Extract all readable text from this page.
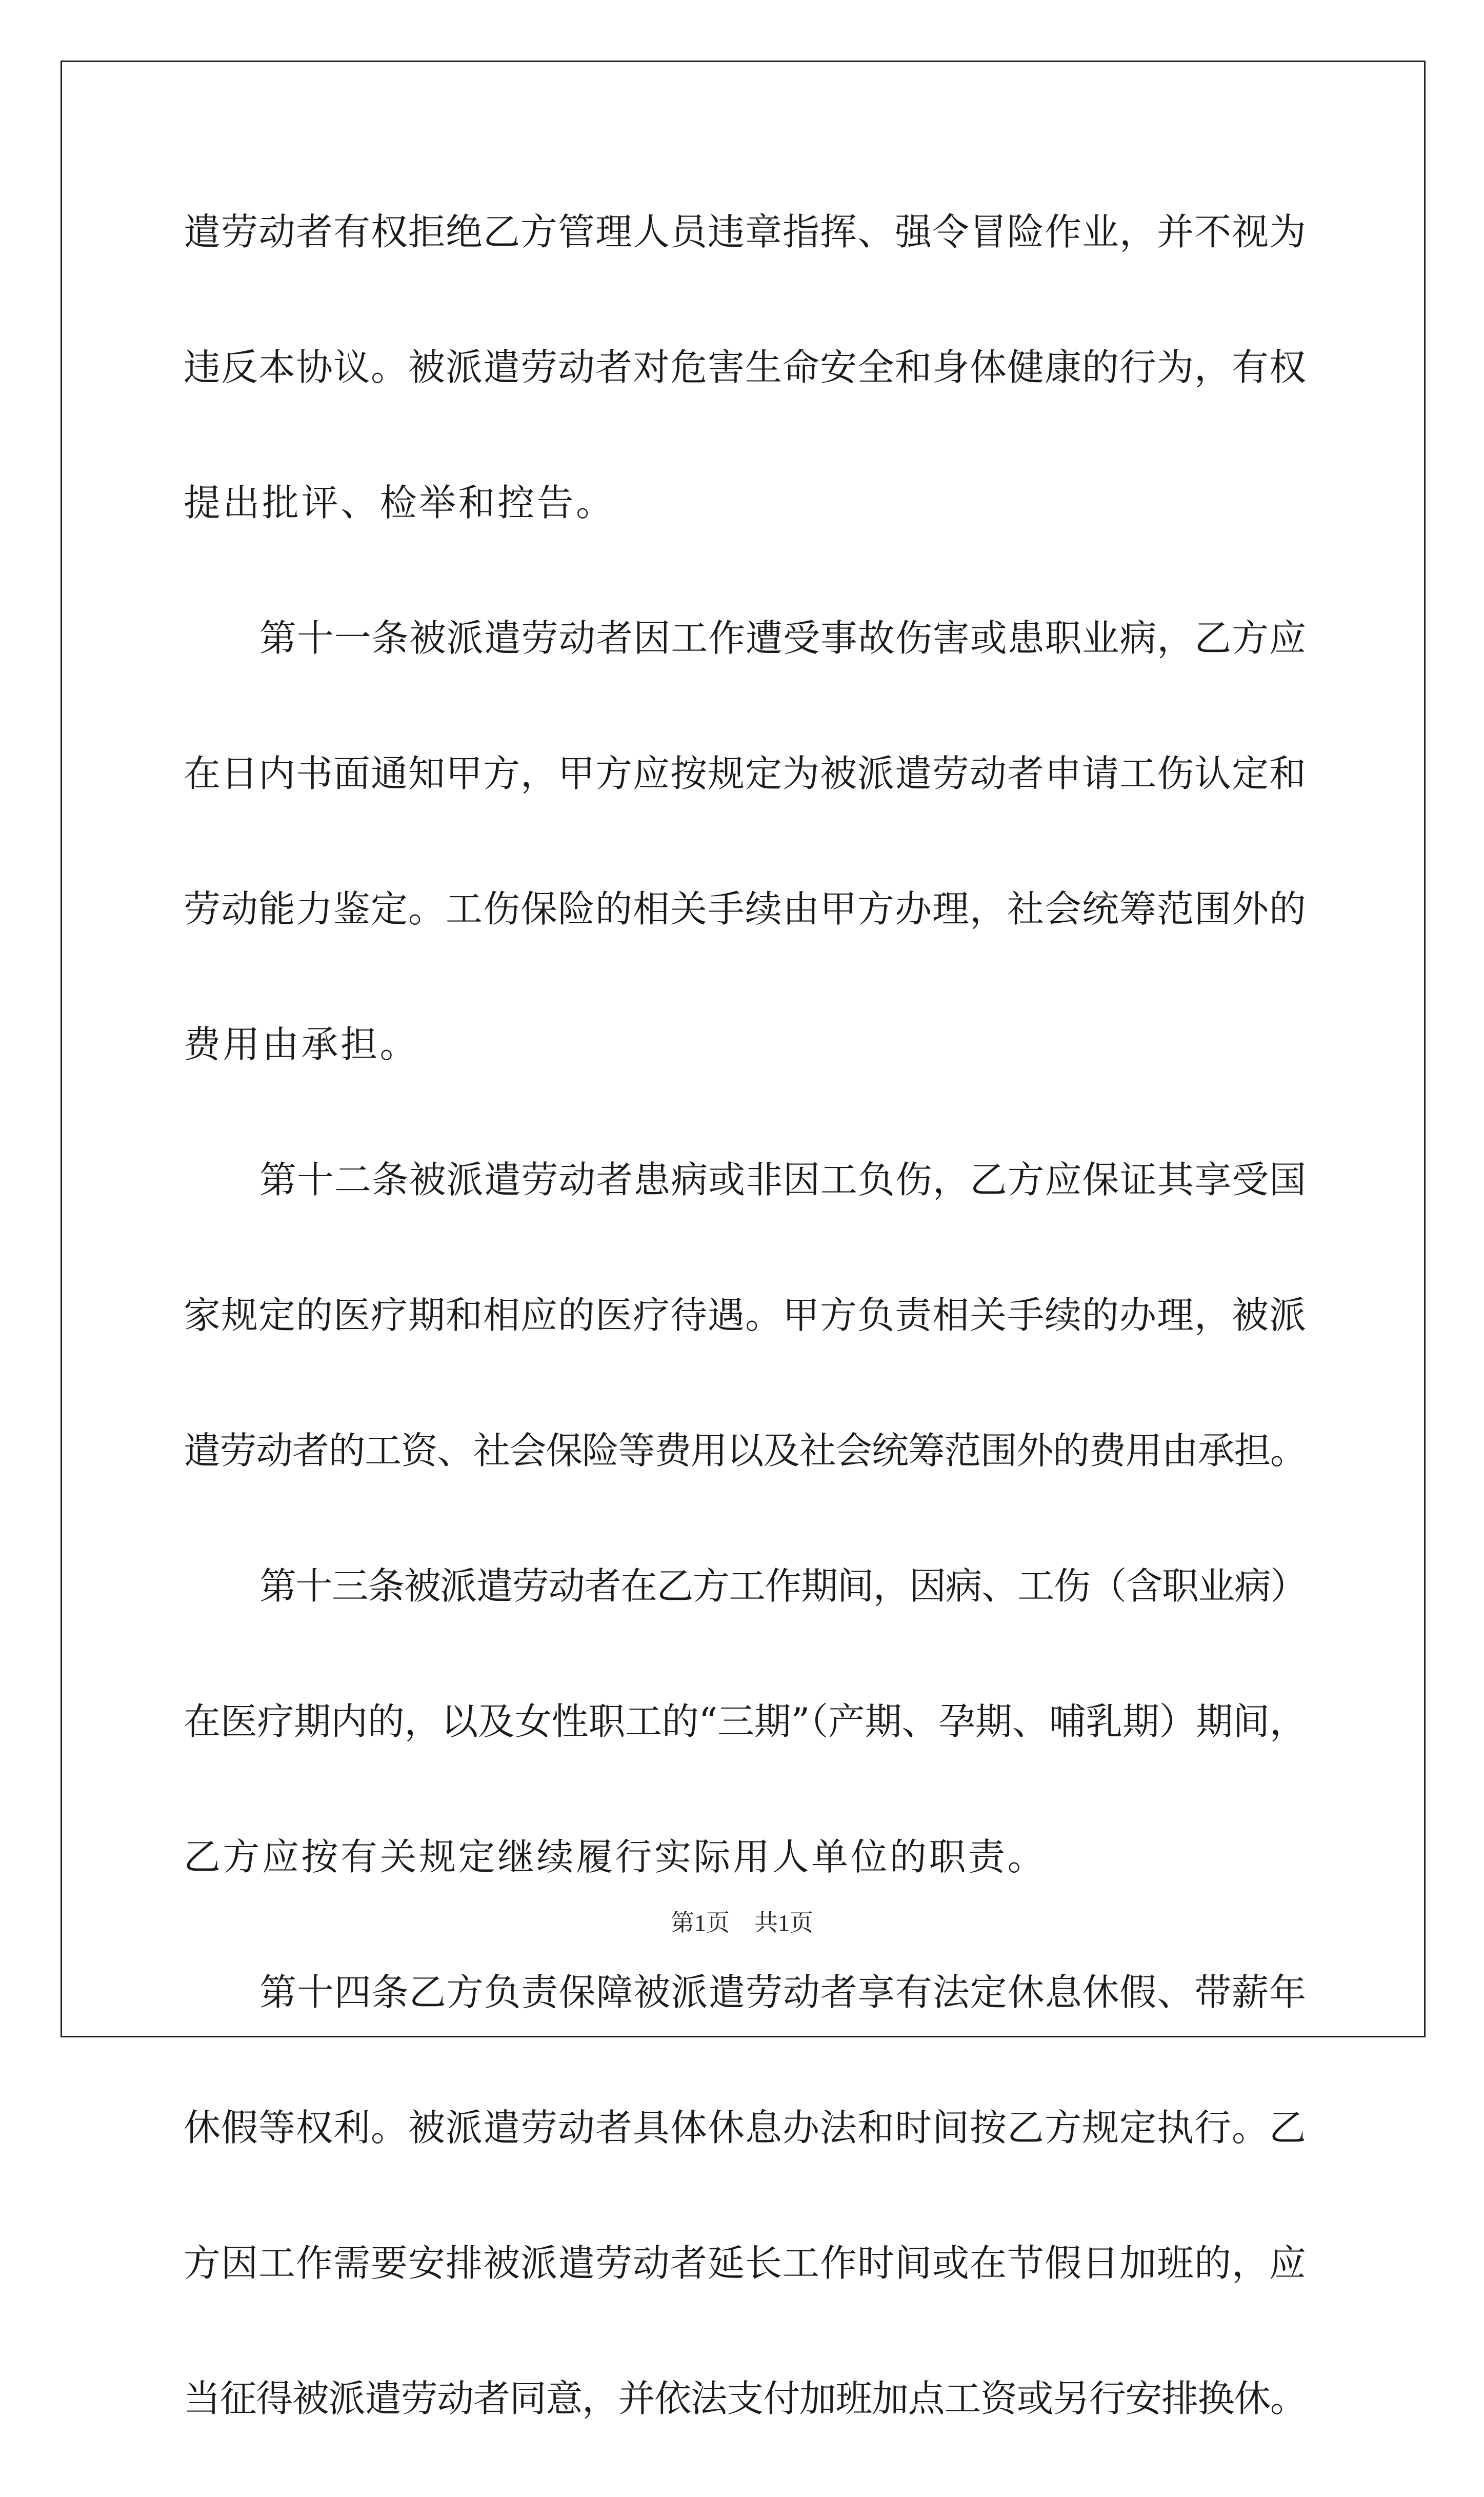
遣劳动者有权拒绝乙方管理人员违章指挥、强令冒险作业，并不视为
违反本协议。被派遣劳动者对危害生命安全和身体健康的行为，有权
提出批评、检举和控告。
第十一条被派遣劳动者因工作遭受事故伤害或患职业病，乙方应
在日内书面通知甲方，甲方应按规定为被派遣劳动者申请工伤认定和
劳动能力鉴定。工伤保险的相关手续由甲方办理，社会统筹范围外的
费用由承担。
第十二条被派遣劳动者患病或非因工负伤，乙方应保证其享受国
家规定的医疗期和相应的医疗待遇。甲方负责相关手续的办理，被派
遣劳动者的工资、社会保险等费用以及社会统筹范围外的费用由承担。
第十三条被派遣劳动者在乙方工作期间，因病、工伤（含职业病）
在医疗期内的，以及女性职工的“三期”（产期、孕期、哺乳期）期间，
乙方应按有关规定继续履行实际用人单位的职责。
第十四条乙方负责保障被派遣劳动者享有法定休息休假、带薪年
休假等权利。被派遣劳动者具体休息办法和时间按乙方规定执行。乙
方因工作需要安排被派遣劳动者延长工作时间或在节假日加班的，应
当征得被派遣劳动者同意，并依法支付加班加点工资或另行安排换休。
第1页 共1页
